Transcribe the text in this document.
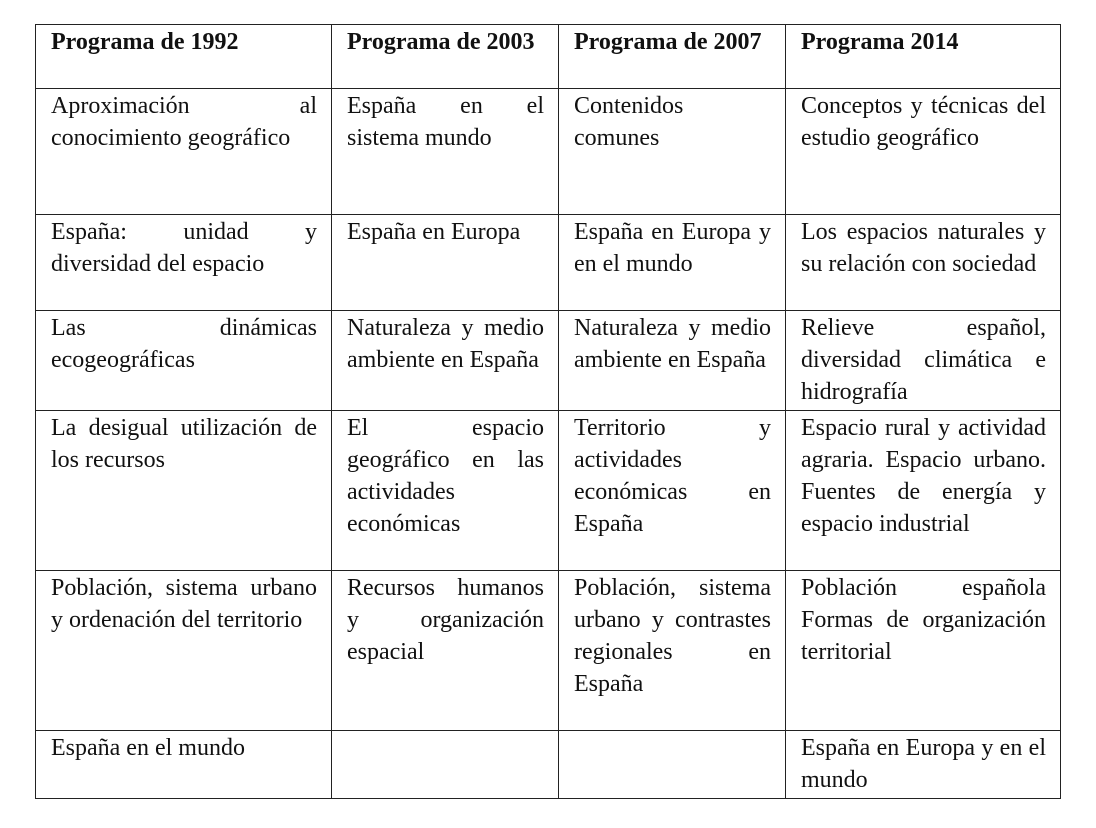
Programa de 1992	Programa de 2003	Programa de 2007	Programa 2014
Aproximación al conocimiento geográfico	España en el sistema mundo	Contenidos comunes	Conceptos y técnicas del estudio geográfico
España: unidad y diversidad del espacio	España en Europa	España en Europa y en el mundo	Los espacios naturales y su relación con sociedad
Las dinámicas ecogeográficas	Naturaleza y medio ambiente en España	Naturaleza y medio ambiente en España	Relieve español, diversidad climática e hidrografía
La desigual utilización de los recursos	El espacio geográfico en las actividades económicas	Territorio y actividades económicas en España	Espacio rural y actividad agraria. Espacio urbano. Fuentes de energía y espacio industrial
Población, sistema urbano y ordenación del territorio	Recursos humanos y organización espacial	Población, sistema urbano y contrastes regionales en España	Población española Formas de organización territorial
España en el mundo			España en Europa y en el mundo
